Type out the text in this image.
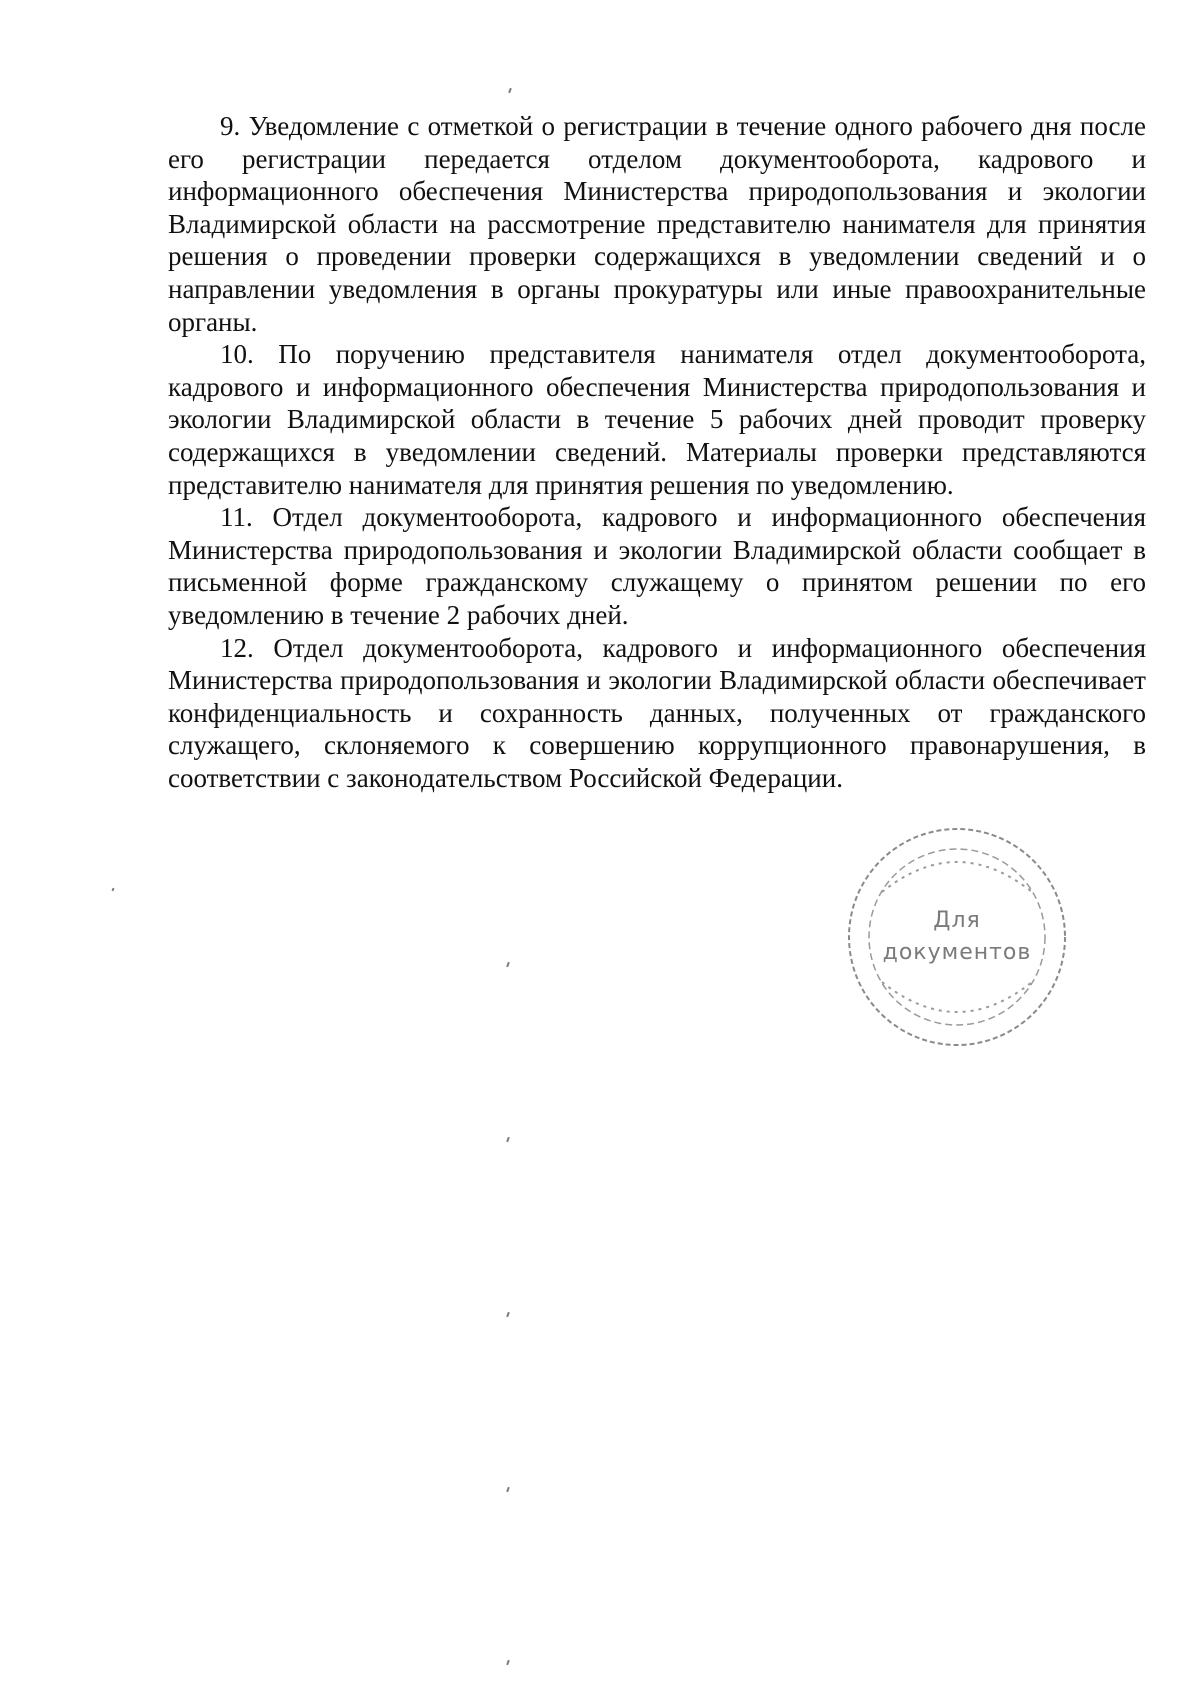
9. Уведомление с отметкой о регистрации в течение одного рабочего дня после его регистрации передается отделом документооборота, кадрового и информационного обеспечения Министерства природопользования и экологии Владимирской области на рассмотрение представителю нанимателя для принятия решения о проведении проверки содержащихся в уведомлении сведений и о направлении уведомления в органы прокуратуры или иные правоохранительные органы.

10. По поручению представителя нанимателя отдел документооборота, кадрового и информационного обеспечения Министерства природопользования и экологии Владимирской области в течение 5 рабочих дней проводит проверку содержащихся в уведомлении сведений. Материалы проверки представляются представителю нанимателя для принятия решения по уведомлению.

11. Отдел документооборота, кадрового и информационного обеспечения Министерства природопользования и экологии Владимирской области сообщает в письменной форме гражданскому служащему о принятом решении по его уведомлению в течение 2 рабочих дней.

12. Отдел документооборота, кадрового и информационного обеспечения Министерства природопользования и экологии Владимирской области обеспечивает конфиденциальность и сохранность данных, полученных от гражданского служащего, склоняемого к совершению коррупционного правонарушения, в соответствии с законодательством Российской Федерации.

Для
документов
